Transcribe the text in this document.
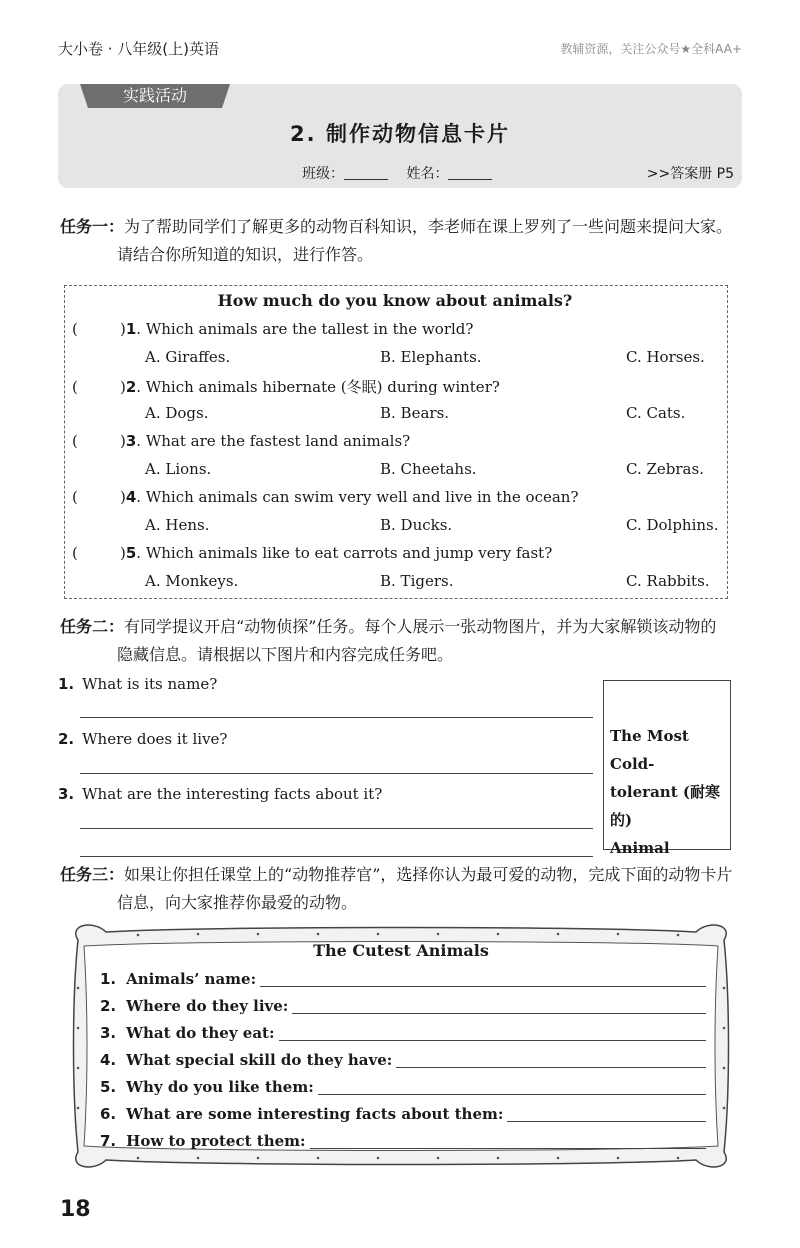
大小卷 · 八年级(上)英语	教辅资源，关注公众号★全科AA+
实践活动
2. 制作动物信息卡片
班级：	姓名：	>>答案册 P5
任务一：为了帮助同学们了解更多的动物百科知识，李老师在课上罗列了一些问题来提问大家。
请结合你所知道的知识，进行作答。
How much do you know about animals?
(	)1. Which animals are the tallest in the world?
A. Giraffes.	B. Elephants.	C. Horses.
(	)2. Which animals hibernate (冬眠) during winter?
A. Dogs.	B. Bears.	C. Cats.
(	)3. What are the fastest land animals?
A. Lions.	B. Cheetahs.	C. Zebras.
(	)4. Which animals can swim very well and live in the ocean?
A. Hens.	B. Ducks.	C. Dolphins.
(	)5. Which animals like to eat carrots and jump very fast?
A. Monkeys.	B. Tigers.	C. Rabbits.
任务二：有同学提议开启“动物侦探”任务。每个人展示一张动物图片，并为大家解锁该动物的
隐藏信息。请根据以下图片和内容完成任务吧。
1. What is its name?
2. Where does it live?
3. What are the interesting facts about it?
The Most Cold-
tolerant (耐寒的)
Animal
任务三：如果让你担任课堂上的“动物推荐官”，选择你认为最可爱的动物，完成下面的动物卡片
信息，向大家推荐你最爱的动物。
The Cutest Animals
1. Animals’ name:
2. Where do they live:
3. What do they eat:
4. What special skill do they have:
5. Why do you like them:
6. What are some interesting facts about them:
7. How to protect them:
18
